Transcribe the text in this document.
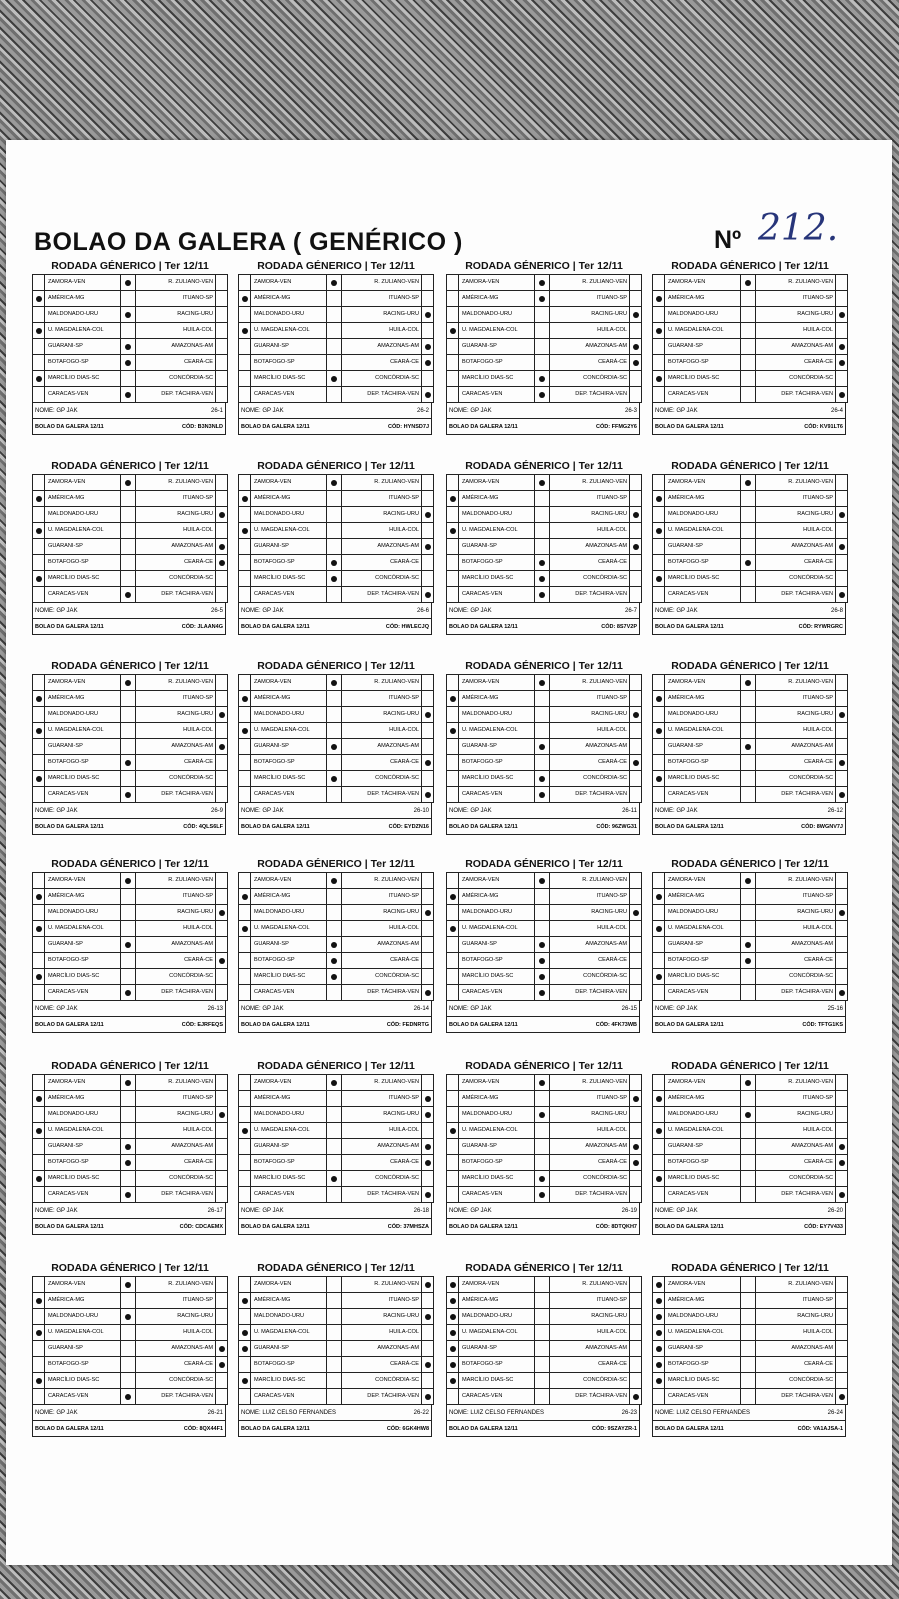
BOLAO DA GALERA ( GENÉRICO )	Nº 212.
RODADA GÉNERICO | Ter 12/11
ZAMORA-VEN	R. ZULIANO-VEN
AMÉRICA-MG	ITUANO-SP
MALDONADO-URU	RACING-URU
U. MAGDALENA-COL	HUILA-COL
GUARANI-SP	AMAZONAS-AM
BOTAFOGO-SP	CEARÁ-CE
MARCÍLIO DIAS-SC	CONCÓRDIA-SC
CARACAS-VEN	DEP. TÁCHIRA-VEN
NOME: GP JAK	26-1
BOLAO DA GALERA 12/11	CÓD: B3N3NLD
RODADA GÉNERICO | Ter 12/11
ZAMORA-VEN	R. ZULIANO-VEN
AMÉRICA-MG	ITUANO-SP
MALDONADO-URU	RACING-URU
U. MAGDALENA-COL	HUILA-COL
GUARANI-SP	AMAZONAS-AM
BOTAFOGO-SP	CEARÁ-CE
MARCÍLIO DIAS-SC	CONCÓRDIA-SC
CARACAS-VEN	DEP. TÁCHIRA-VEN
NOME: GP JAK	26-2
BOLAO DA GALERA 12/11	CÓD: HYNSD7J
RODADA GÉNERICO | Ter 12/11
ZAMORA-VEN	R. ZULIANO-VEN
AMÉRICA-MG	ITUANO-SP
MALDONADO-URU	RACING-URU
U. MAGDALENA-COL	HUILA-COL
GUARANI-SP	AMAZONAS-AM
BOTAFOGO-SP	CEARÁ-CE
MARCÍLIO DIAS-SC	CONCÓRDIA-SC
CARACAS-VEN	DEP. TÁCHIRA-VEN
NOME: GP JAK	26-3
BOLAO DA GALERA 12/11	CÓD: FFMG2Y6
RODADA GÉNERICO | Ter 12/11
ZAMORA-VEN	R. ZULIANO-VEN
AMÉRICA-MG	ITUANO-SP
MALDONADO-URU	RACING-URU
U. MAGDALENA-COL	HUILA-COL
GUARANI-SP	AMAZONAS-AM
BOTAFOGO-SP	CEARÁ-CE
MARCÍLIO DIAS-SC	CONCÓRDIA-SC
CARACAS-VEN	DEP. TÁCHIRA-VEN
NOME: GP JAK	26-4
BOLAO DA GALERA 12/11	CÓD: KV91LT6
RODADA GÉNERICO | Ter 12/11
ZAMORA-VEN	R. ZULIANO-VEN
AMÉRICA-MG	ITUANO-SP
MALDONADO-URU	RACING-URU
U. MAGDALENA-COL	HUILA-COL
GUARANI-SP	AMAZONAS-AM
BOTAFOGO-SP	CEARÁ-CE
MARCÍLIO DIAS-SC	CONCÓRDIA-SC
CARACAS-VEN	DEP. TÁCHIRA-VEN
NOME: GP JAK	26-5
BOLAO DA GALERA 12/11	CÓD: JLAAN4G
RODADA GÉNERICO | Ter 12/11
ZAMORA-VEN	R. ZULIANO-VEN
AMÉRICA-MG	ITUANO-SP
MALDONADO-URU	RACING-URU
U. MAGDALENA-COL	HUILA-COL
GUARANI-SP	AMAZONAS-AM
BOTAFOGO-SP	CEARÁ-CE
MARCÍLIO DIAS-SC	CONCÓRDIA-SC
CARACAS-VEN	DEP. TÁCHIRA-VEN
NOME: GP JAK	26-6
BOLAO DA GALERA 12/11	CÓD: HWLECJQ
RODADA GÉNERICO | Ter 12/11
ZAMORA-VEN	R. ZULIANO-VEN
AMÉRICA-MG	ITUANO-SP
MALDONADO-URU	RACING-URU
U. MAGDALENA-COL	HUILA-COL
GUARANI-SP	AMAZONAS-AM
BOTAFOGO-SP	CEARÁ-CE
MARCÍLIO DIAS-SC	CONCÓRDIA-SC
CARACAS-VEN	DEP. TÁCHIRA-VEN
NOME: GP JAK	26-7
BOLAO DA GALERA 12/11	CÓD: 8S7V2P
RODADA GÉNERICO | Ter 12/11
ZAMORA-VEN	R. ZULIANO-VEN
AMÉRICA-MG	ITUANO-SP
MALDONADO-URU	RACING-URU
U. MAGDALENA-COL	HUILA-COL
GUARANI-SP	AMAZONAS-AM
BOTAFOGO-SP	CEARÁ-CE
MARCÍLIO DIAS-SC	CONCÓRDIA-SC
CARACAS-VEN	DEP. TÁCHIRA-VEN
NOME: GP JAK	26-8
BOLAO DA GALERA 12/11	CÓD: RYWRGRC
RODADA GÉNERICO | Ter 12/11
ZAMORA-VEN	R. ZULIANO-VEN
AMÉRICA-MG	ITUANO-SP
MALDONADO-URU	RACING-URU
U. MAGDALENA-COL	HUILA-COL
GUARANI-SP	AMAZONAS-AM
BOTAFOGO-SP	CEARÁ-CE
MARCÍLIO DIAS-SC	CONCÓRDIA-SC
CARACAS-VEN	DEP. TÁCHIRA-VEN
NOME: GP JAK	26-9
BOLAO DA GALERA 12/11	CÓD: 4QLS6LF
RODADA GÉNERICO | Ter 12/11
ZAMORA-VEN	R. ZULIANO-VEN
AMÉRICA-MG	ITUANO-SP
MALDONADO-URU	RACING-URU
U. MAGDALENA-COL	HUILA-COL
GUARANI-SP	AMAZONAS-AM
BOTAFOGO-SP	CEARÁ-CE
MARCÍLIO DIAS-SC	CONCÓRDIA-SC
CARACAS-VEN	DEP. TÁCHIRA-VEN
NOME: GP JAK	26-10
BOLAO DA GALERA 12/11	CÓD: EYDZN16
RODADA GÉNERICO | Ter 12/11
ZAMORA-VEN	R. ZULIANO-VEN
AMÉRICA-MG	ITUANO-SP
MALDONADO-URU	RACING-URU
U. MAGDALENA-COL	HUILA-COL
GUARANI-SP	AMAZONAS-AM
BOTAFOGO-SP	CEARÁ-CE
MARCÍLIO DIAS-SC	CONCÓRDIA-SC
CARACAS-VEN	DEP. TÁCHIRA-VEN
NOME: GP JAK	26-11
BOLAO DA GALERA 12/11	CÓD: 96ZWG31
RODADA GÉNERICO | Ter 12/11
ZAMORA-VEN	R. ZULIANO-VEN
AMÉRICA-MG	ITUANO-SP
MALDONADO-URU	RACING-URU
U. MAGDALENA-COL	HUILA-COL
GUARANI-SP	AMAZONAS-AM
BOTAFOGO-SP	CEARÁ-CE
MARCÍLIO DIAS-SC	CONCÓRDIA-SC
CARACAS-VEN	DEP. TÁCHIRA-VEN
NOME: GP JAK	26-12
BOLAO DA GALERA 12/11	CÓD: 8WGNV7J
RODADA GÉNERICO | Ter 12/11
ZAMORA-VEN	R. ZULIANO-VEN
AMÉRICA-MG	ITUANO-SP
MALDONADO-URU	RACING-URU
U. MAGDALENA-COL	HUILA-COL
GUARANI-SP	AMAZONAS-AM
BOTAFOGO-SP	CEARÁ-CE
MARCÍLIO DIAS-SC	CONCÓRDIA-SC
CARACAS-VEN	DEP. TÁCHIRA-VEN
NOME: GP JAK	26-13
BOLAO DA GALERA 12/11	CÓD: EJRFEQS
RODADA GÉNERICO | Ter 12/11
ZAMORA-VEN	R. ZULIANO-VEN
AMÉRICA-MG	ITUANO-SP
MALDONADO-URU	RACING-URU
U. MAGDALENA-COL	HUILA-COL
GUARANI-SP	AMAZONAS-AM
BOTAFOGO-SP	CEARÁ-CE
MARCÍLIO DIAS-SC	CONCÓRDIA-SC
CARACAS-VEN	DEP. TÁCHIRA-VEN
NOME: GP JAK	26-14
BOLAO DA GALERA 12/11	CÓD: FEDNRTG
RODADA GÉNERICO | Ter 12/11
ZAMORA-VEN	R. ZULIANO-VEN
AMÉRICA-MG	ITUANO-SP
MALDONADO-URU	RACING-URU
U. MAGDALENA-COL	HUILA-COL
GUARANI-SP	AMAZONAS-AM
BOTAFOGO-SP	CEARÁ-CE
MARCÍLIO DIAS-SC	CONCÓRDIA-SC
CARACAS-VEN	DEP. TÁCHIRA-VEN
NOME: GP JAK	26-15
BOLAO DA GALERA 12/11	CÓD: 4FK73WB
RODADA GÉNERICO | Ter 12/11
ZAMORA-VEN	R. ZULIANO-VEN
AMÉRICA-MG	ITUANO-SP
MALDONADO-URU	RACING-URU
U. MAGDALENA-COL	HUILA-COL
GUARANI-SP	AMAZONAS-AM
BOTAFOGO-SP	CEARÁ-CE
MARCÍLIO DIAS-SC	CONCÓRDIA-SC
CARACAS-VEN	DEP. TÁCHIRA-VEN
NOME: GP JAK	25-16
BOLAO DA GALERA 12/11	CÓD: TFTG1KS
RODADA GÉNERICO | Ter 12/11
ZAMORA-VEN	R. ZULIANO-VEN
AMÉRICA-MG	ITUANO-SP
MALDONADO-URU	RACING-URU
U. MAGDALENA-COL	HUILA-COL
GUARANI-SP	AMAZONAS-AM
BOTAFOGO-SP	CEARÁ-CE
MARCÍLIO DIAS-SC	CONCÓRDIA-SC
CARACAS-VEN	DEP. TÁCHIRA-VEN
NOME: GP JAK	26-17
BOLAO DA GALERA 12/11	CÓD: CDCAEMX
RODADA GÉNERICO | Ter 12/11
ZAMORA-VEN	R. ZULIANO-VEN
AMÉRICA-MG	ITUANO-SP
MALDONADO-URU	RACING-URU
U. MAGDALENA-COL	HUILA-COL
GUARANI-SP	AMAZONAS-AM
BOTAFOGO-SP	CEARÁ-CE
MARCÍLIO DIAS-SC	CONCÓRDIA-SC
CARACAS-VEN	DEP. TÁCHIRA-VEN
NOME: GP JAK	26-18
BOLAO DA GALERA 12/11	CÓD: 37MHSZA
RODADA GÉNERICO | Ter 12/11
ZAMORA-VEN	R. ZULIANO-VEN
AMÉRICA-MG	ITUANO-SP
MALDONADO-URU	RACING-URU
U. MAGDALENA-COL	HUILA-COL
GUARANI-SP	AMAZONAS-AM
BOTAFOGO-SP	CEARÁ-CE
MARCÍLIO DIAS-SC	CONCÓRDIA-SC
CARACAS-VEN	DEP. TÁCHIRA-VEN
NOME: GP JAK	26-19
BOLAO DA GALERA 12/11	CÓD: 8DTQKH7
RODADA GÉNERICO | Ter 12/11
ZAMORA-VEN	R. ZULIANO-VEN
AMÉRICA-MG	ITUANO-SP
MALDONADO-URU	RACING-URU
U. MAGDALENA-COL	HUILA-COL
GUARANI-SP	AMAZONAS-AM
BOTAFOGO-SP	CEARÁ-CE
MARCÍLIO DIAS-SC	CONCÓRDIA-SC
CARACAS-VEN	DEP. TÁCHIRA-VEN
NOME: GP JAK	26-20
BOLAO DA GALERA 12/11	CÓD: EY7V433
RODADA GÉNERICO | Ter 12/11
ZAMORA-VEN	R. ZULIANO-VEN
AMÉRICA-MG	ITUANO-SP
MALDONADO-URU	RACING-URU
U. MAGDALENA-COL	HUILA-COL
GUARANI-SP	AMAZONAS-AM
BOTAFOGO-SP	CEARÁ-CE
MARCÍLIO DIAS-SC	CONCÓRDIA-SC
CARACAS-VEN	DEP. TÁCHIRA-VEN
NOME: GP JAK	26-21
BOLAO DA GALERA 12/11	CÓD: 8QX44F1
RODADA GÉNERICO | Ter 12/11
ZAMORA-VEN	R. ZULIANO-VEN
AMÉRICA-MG	ITUANO-SP
MALDONADO-URU	RACING-URU
U. MAGDALENA-COL	HUILA-COL
GUARANI-SP	AMAZONAS-AM
BOTAFOGO-SP	CEARÁ-CE
MARCÍLIO DIAS-SC	CONCÓRDIA-SC
CARACAS-VEN	DEP. TÁCHIRA-VEN
NOME: LUIZ CELSO FERNANDES	26-22
BOLAO DA GALERA 12/11	CÓD: 6GK4HW8
RODADA GÉNERICO | Ter 12/11
ZAMORA-VEN	R. ZULIANO-VEN
AMÉRICA-MG	ITUANO-SP
MALDONADO-URU	RACING-URU
U. MAGDALENA-COL	HUILA-COL
GUARANI-SP	AMAZONAS-AM
BOTAFOGO-SP	CEARÁ-CE
MARCÍLIO DIAS-SC	CONCÓRDIA-SC
CARACAS-VEN	DEP. TÁCHIRA-VEN
NOME: LUIZ CELSO FERNANDES	26-23
BOLAO DA GALERA 12/11	CÓD: 9SZAYZR-1
RODADA GÉNERICO | Ter 12/11
ZAMORA-VEN	R. ZULIANO-VEN
AMÉRICA-MG	ITUANO-SP
MALDONADO-URU	RACING-URU
U. MAGDALENA-COL	HUILA-COL
GUARANI-SP	AMAZONAS-AM
BOTAFOGO-SP	CEARÁ-CE
MARCÍLIO DIAS-SC	CONCÓRDIA-SC
CARACAS-VEN	DEP. TÁCHIRA-VEN
NOME: LUIZ CELSO FERNANDES	26-24
BOLAO DA GALERA 12/11	CÓD: VA1AJSA-1
